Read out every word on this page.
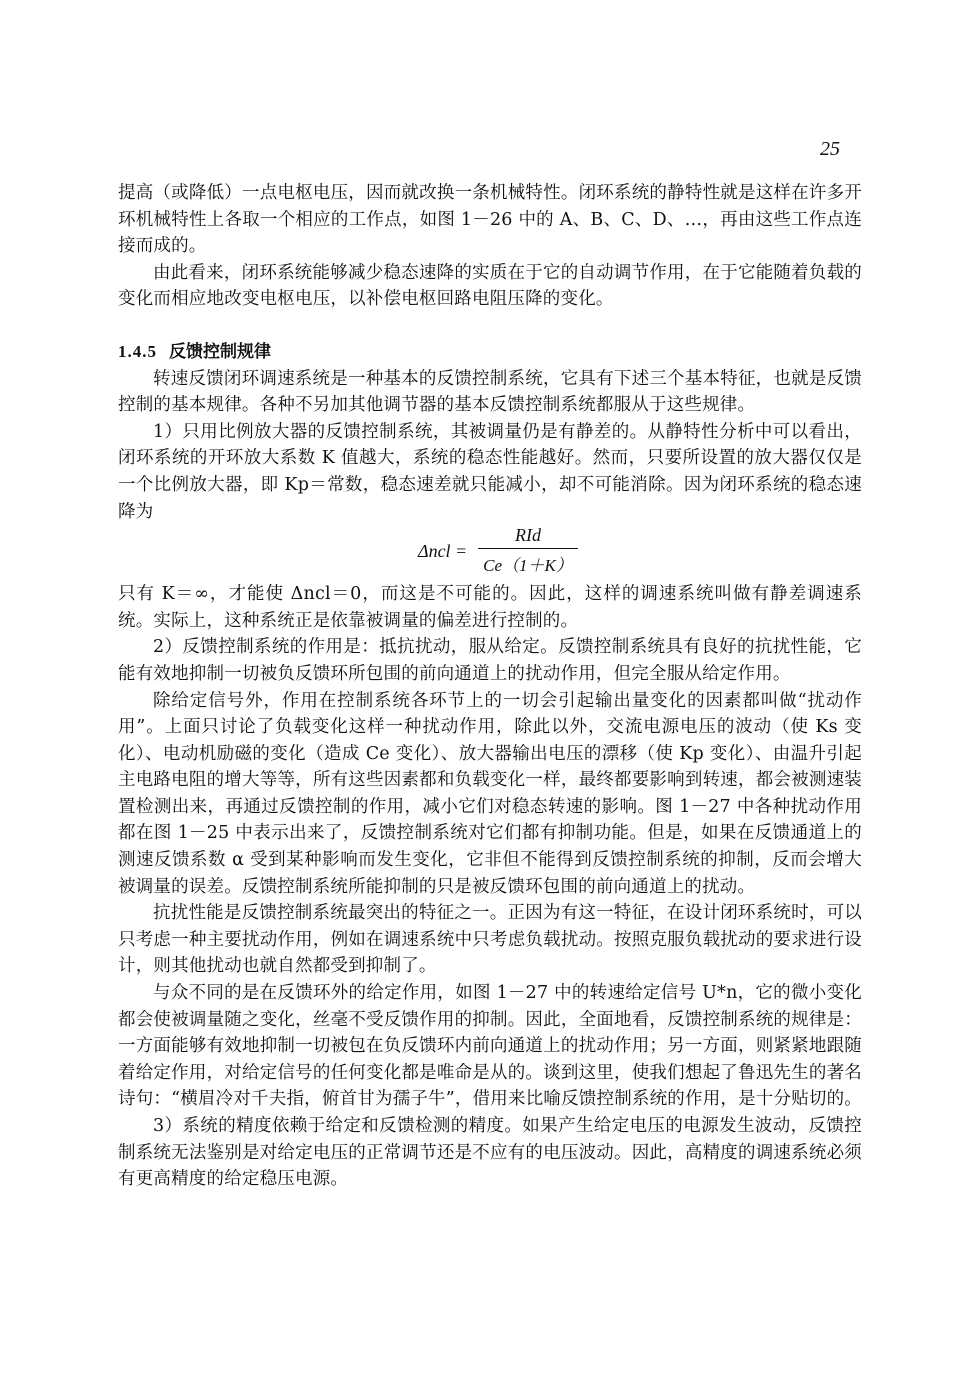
25

提高（或降低）一点电枢电压，因而就改换一条机械特性。闭环系统的静特性就是这样在许多开环机械特性上各取一个相应的工作点，如图 1－26 中的 A、B、C、D、…，再由这些工作点连接而成的。

由此看来，闭环系统能够减少稳态速降的实质在于它的自动调节作用，在于它能随着负载的变化而相应地改变电枢电压，以补偿电枢回路电阻压降的变化。

1.4.5 反馈控制规律

转速反馈闭环调速系统是一种基本的反馈控制系统，它具有下述三个基本特征，也就是反馈控制的基本规律。各种不另加其他调节器的基本反馈控制系统都服从于这些规律。

1）只用比例放大器的反馈控制系统，其被调量仍是有静差的。从静特性分析中可以看出，闭环系统的开环放大系数 K 值越大，系统的稳态性能越好。然而，只要所设置的放大器仅仅是一个比例放大器，即 Kp＝常数，稳态速差就只能减小，却不可能消除。因为闭环系统的稳态速降为

Δncl =
RId
Ce（1＋K）

只有 K＝∞，才能使 Δncl＝0，而这是不可能的。因此，这样的调速系统叫做有静差调速系统。实际上，这种系统正是依靠被调量的偏差进行控制的。

2）反馈控制系统的作用是：抵抗扰动，服从给定。反馈控制系统具有良好的抗扰性能，它能有效地抑制一切被负反馈环所包围的前向通道上的扰动作用，但完全服从给定作用。

除给定信号外，作用在控制系统各环节上的一切会引起输出量变化的因素都叫做“扰动作用”。上面只讨论了负载变化这样一种扰动作用，除此以外，交流电源电压的波动（使 Ks 变化）、电动机励磁的变化（造成 Ce 变化）、放大器输出电压的漂移（使 Kp 变化）、由温升引起主电路电阻的增大等等，所有这些因素都和负载变化一样，最终都要影响到转速，都会被测速装置检测出来，再通过反馈控制的作用，减小它们对稳态转速的影响。图 1－27 中各种扰动作用都在图 1－25 中表示出来了，反馈控制系统对它们都有抑制功能。但是，如果在反馈通道上的测速反馈系数 α 受到某种影响而发生变化，它非但不能得到反馈控制系统的抑制，反而会增大被调量的误差。反馈控制系统所能抑制的只是被反馈环包围的前向通道上的扰动。

抗扰性能是反馈控制系统最突出的特征之一。正因为有这一特征，在设计闭环系统时，可以只考虑一种主要扰动作用，例如在调速系统中只考虑负载扰动。按照克服负载扰动的要求进行设计，则其他扰动也就自然都受到抑制了。

与众不同的是在反馈环外的给定作用，如图 1－27 中的转速给定信号 U*n，它的微小变化都会使被调量随之变化，丝毫不受反馈作用的抑制。因此，全面地看，反馈控制系统的规律是：一方面能够有效地抑制一切被包在负反馈环内前向通道上的扰动作用；另一方面，则紧紧地跟随着给定作用，对给定信号的任何变化都是唯命是从的。谈到这里，使我们想起了鲁迅先生的著名诗句：“横眉冷对千夫指，俯首甘为孺子牛”，借用来比喻反馈控制系统的作用，是十分贴切的。

3）系统的精度依赖于给定和反馈检测的精度。如果产生给定电压的电源发生波动，反馈控制系统无法鉴别是对给定电压的正常调节还是不应有的电压波动。因此，高精度的调速系统必须有更高精度的给定稳压电源。
